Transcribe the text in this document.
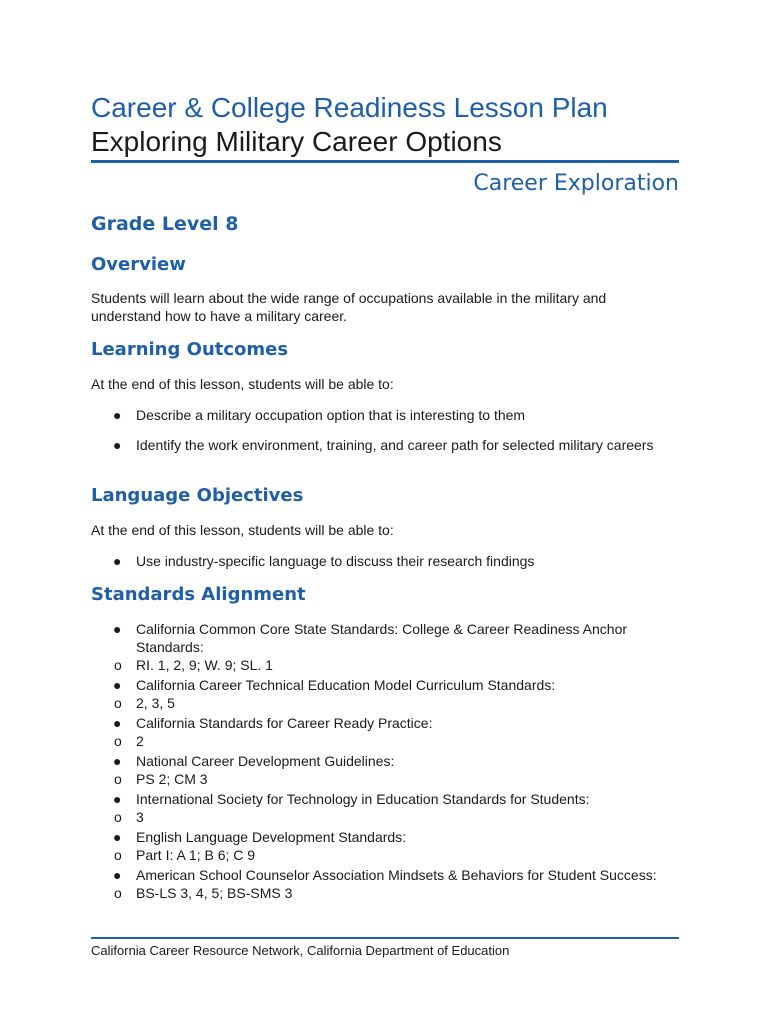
Career & College Readiness Lesson Plan
Exploring Military Career Options
Career Exploration
Grade Level 8
Overview
Students will learn about the wide range of occupations available in the military and understand how to have a military career.
Learning Outcomes
At the end of this lesson, students will be able to:
● Describe a military occupation option that is interesting to them
● Identify the work environment, training, and career path for selected military careers
Language Objectives
At the end of this lesson, students will be able to:
● Use industry-specific language to discuss their research findings
Standards Alignment
● California Common Core State Standards: College & Career Readiness Anchor Standards:
o RI. 1, 2, 9; W. 9; SL. 1
● California Career Technical Education Model Curriculum Standards:
o 2, 3, 5
● California Standards for Career Ready Practice:
o 2
● National Career Development Guidelines:
o PS 2; CM 3
● International Society for Technology in Education Standards for Students:
o 3
● English Language Development Standards:
o Part I: A 1; B 6; C 9
● American School Counselor Association Mindsets & Behaviors for Student Success:
o BS-LS 3, 4, 5; BS-SMS 3
California Career Resource Network, California Department of Education
